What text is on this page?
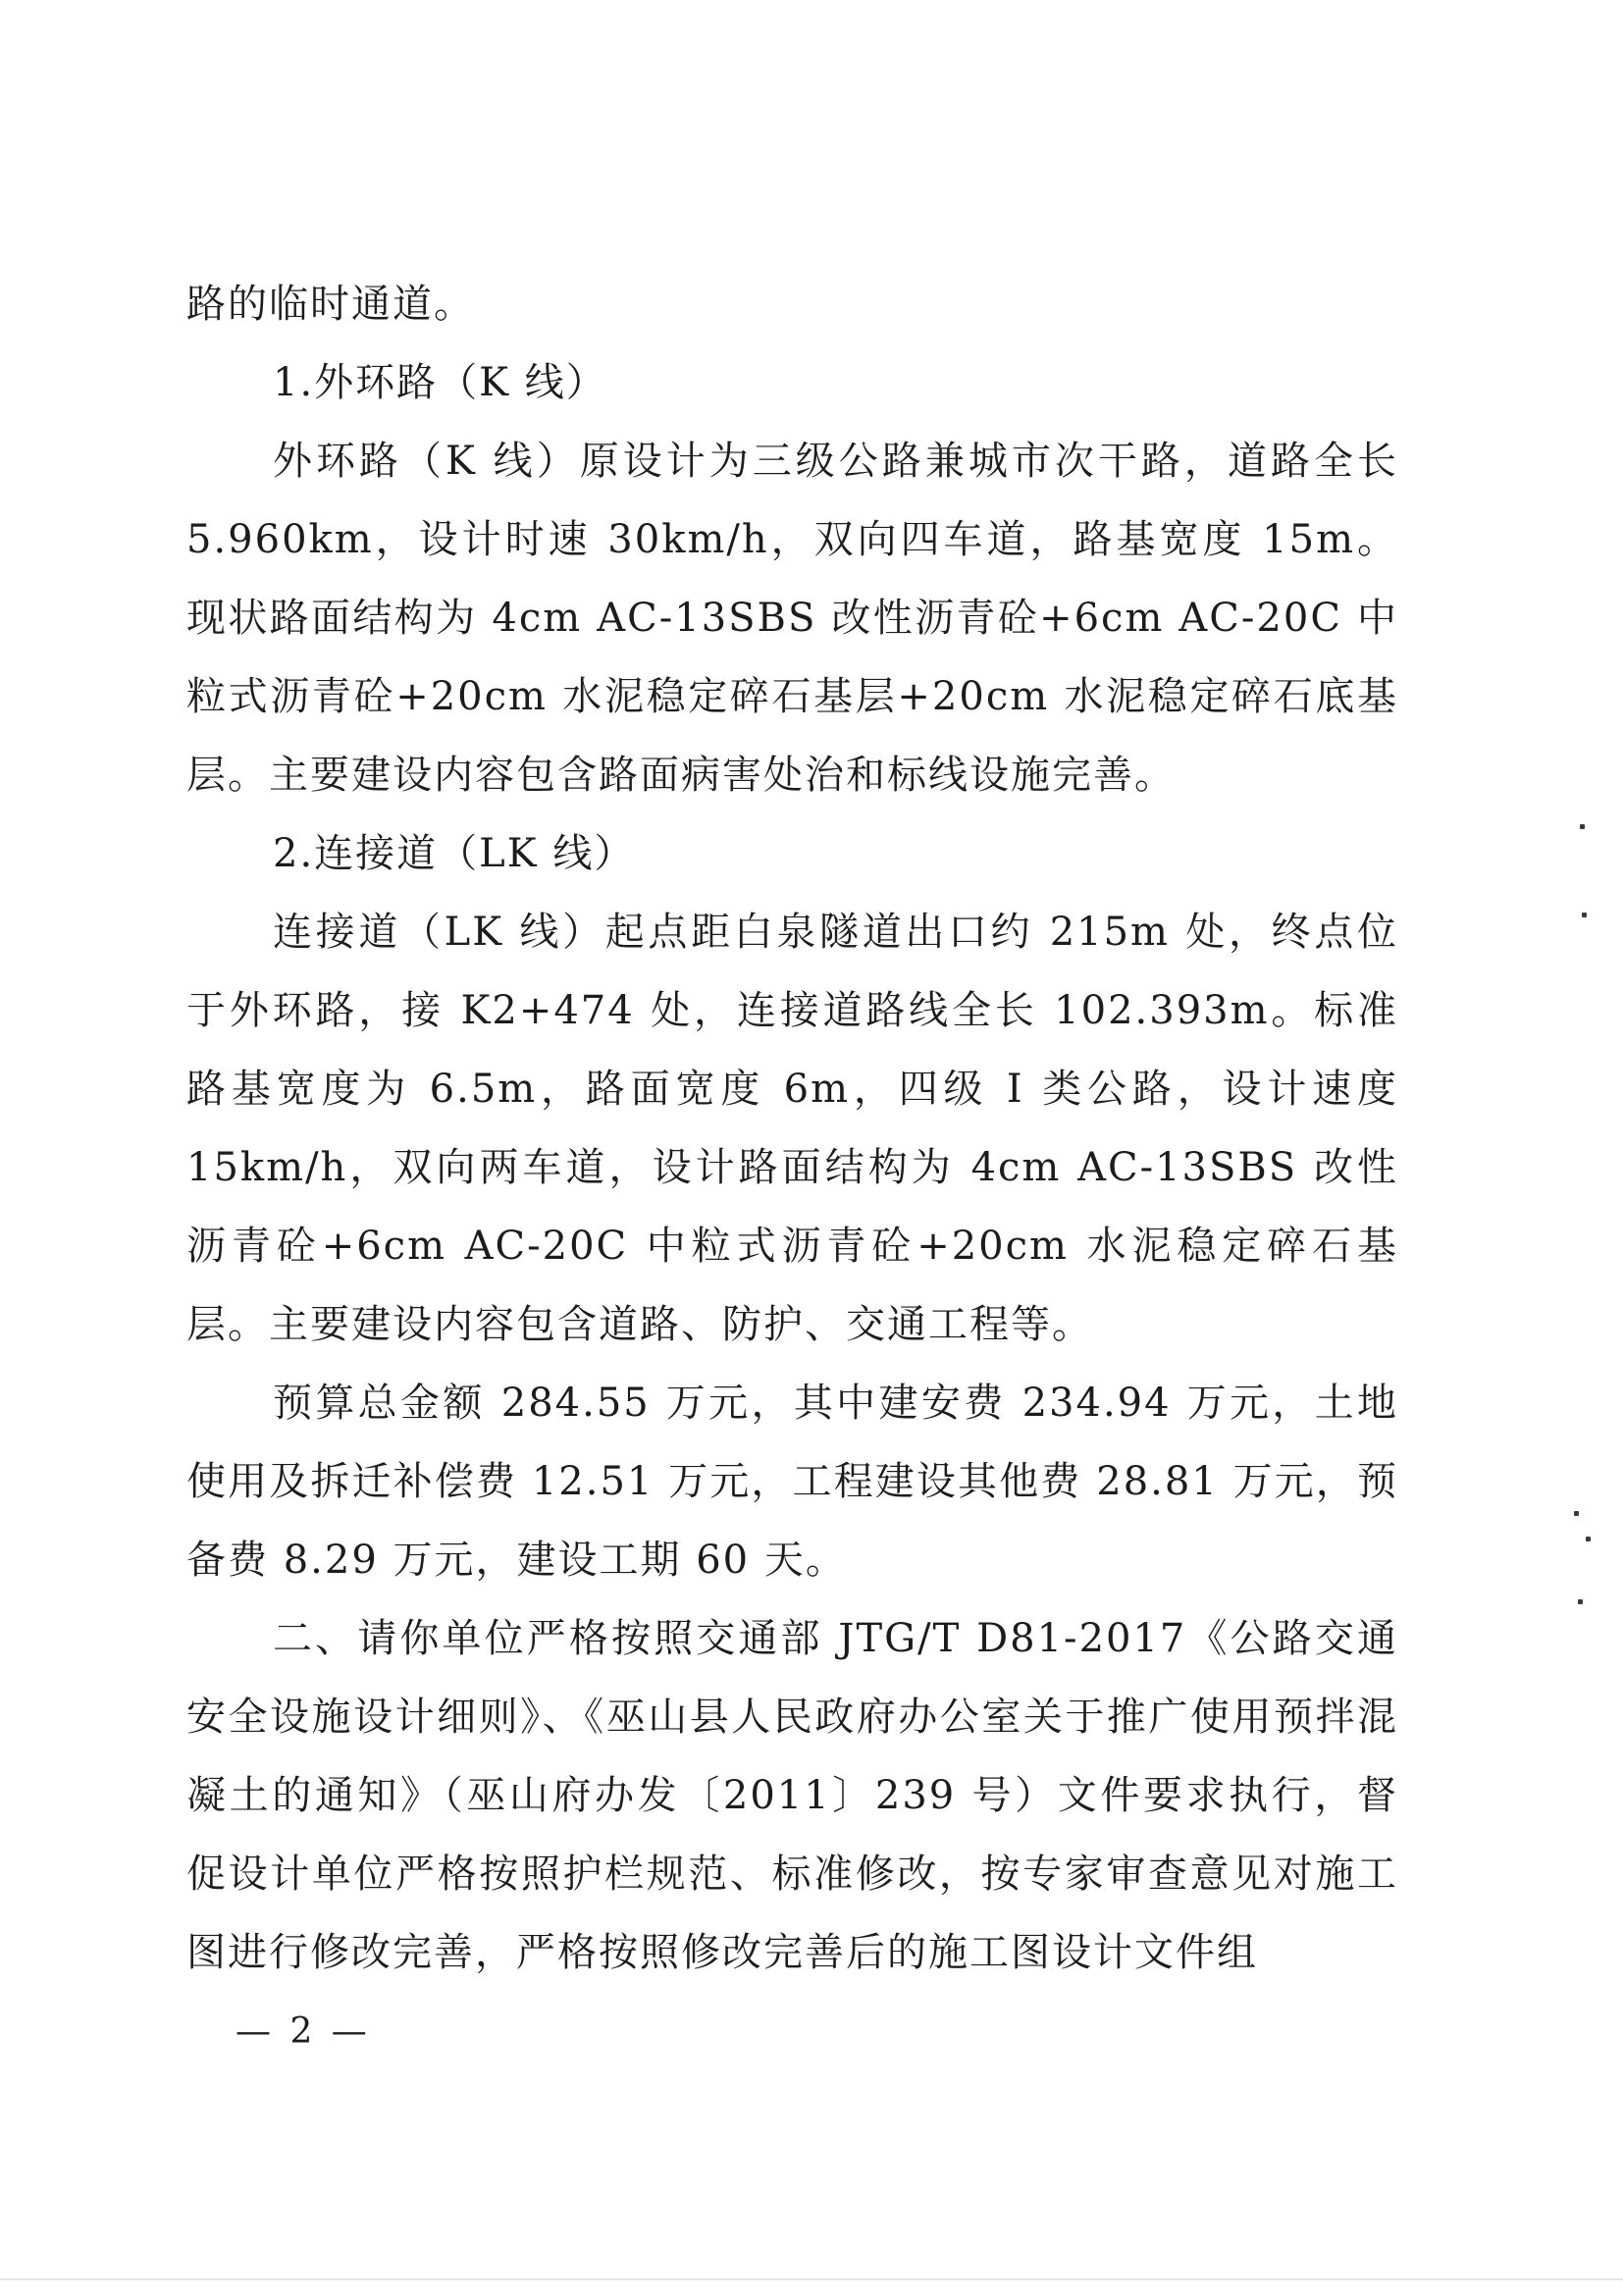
路的临时通道。

1.外环路（K 线）

外环路（K 线）原设计为三级公路兼城市次干路，道路全长 5.960km，设计时速 30km/h，双向四车道，路基宽度 15m。现状路面结构为 4cm AC-13SBS 改性沥青砼+6cm AC-20C 中粒式沥青砼+20cm 水泥稳定碎石基层+20cm 水泥稳定碎石底基层。主要建设内容包含路面病害处治和标线设施完善。

2.连接道（LK 线）

连接道（LK 线）起点距白泉隧道出口约 215m 处，终点位于外环路，接 K2+474 处，连接道路线全长 102.393m。标准路基宽度为 6.5m，路面宽度 6m，四级 I 类公路，设计速度 15km/h，双向两车道，设计路面结构为 4cm AC-13SBS 改性沥青砼+6cm AC-20C 中粒式沥青砼+20cm 水泥稳定碎石基层。主要建设内容包含道路、防护、交通工程等。

预算总金额 284.55 万元，其中建安费 234.94 万元，土地使用及拆迁补偿费 12.51 万元，工程建设其他费 28.81 万元，预备费 8.29 万元，建设工期 60 天。

二、请你单位严格按照交通部 JTG/T D81-2017《公路交通安全设施设计细则》、《巫山县人民政府办公室关于推广使用预拌混凝土的通知》（巫山府办发〔2011〕239 号）文件要求执行，督促设计单位严格按照护栏规范、标准修改，按专家审查意见对施工图进行修改完善，严格按照修改完善后的施工图设计文件组

— 2 —
